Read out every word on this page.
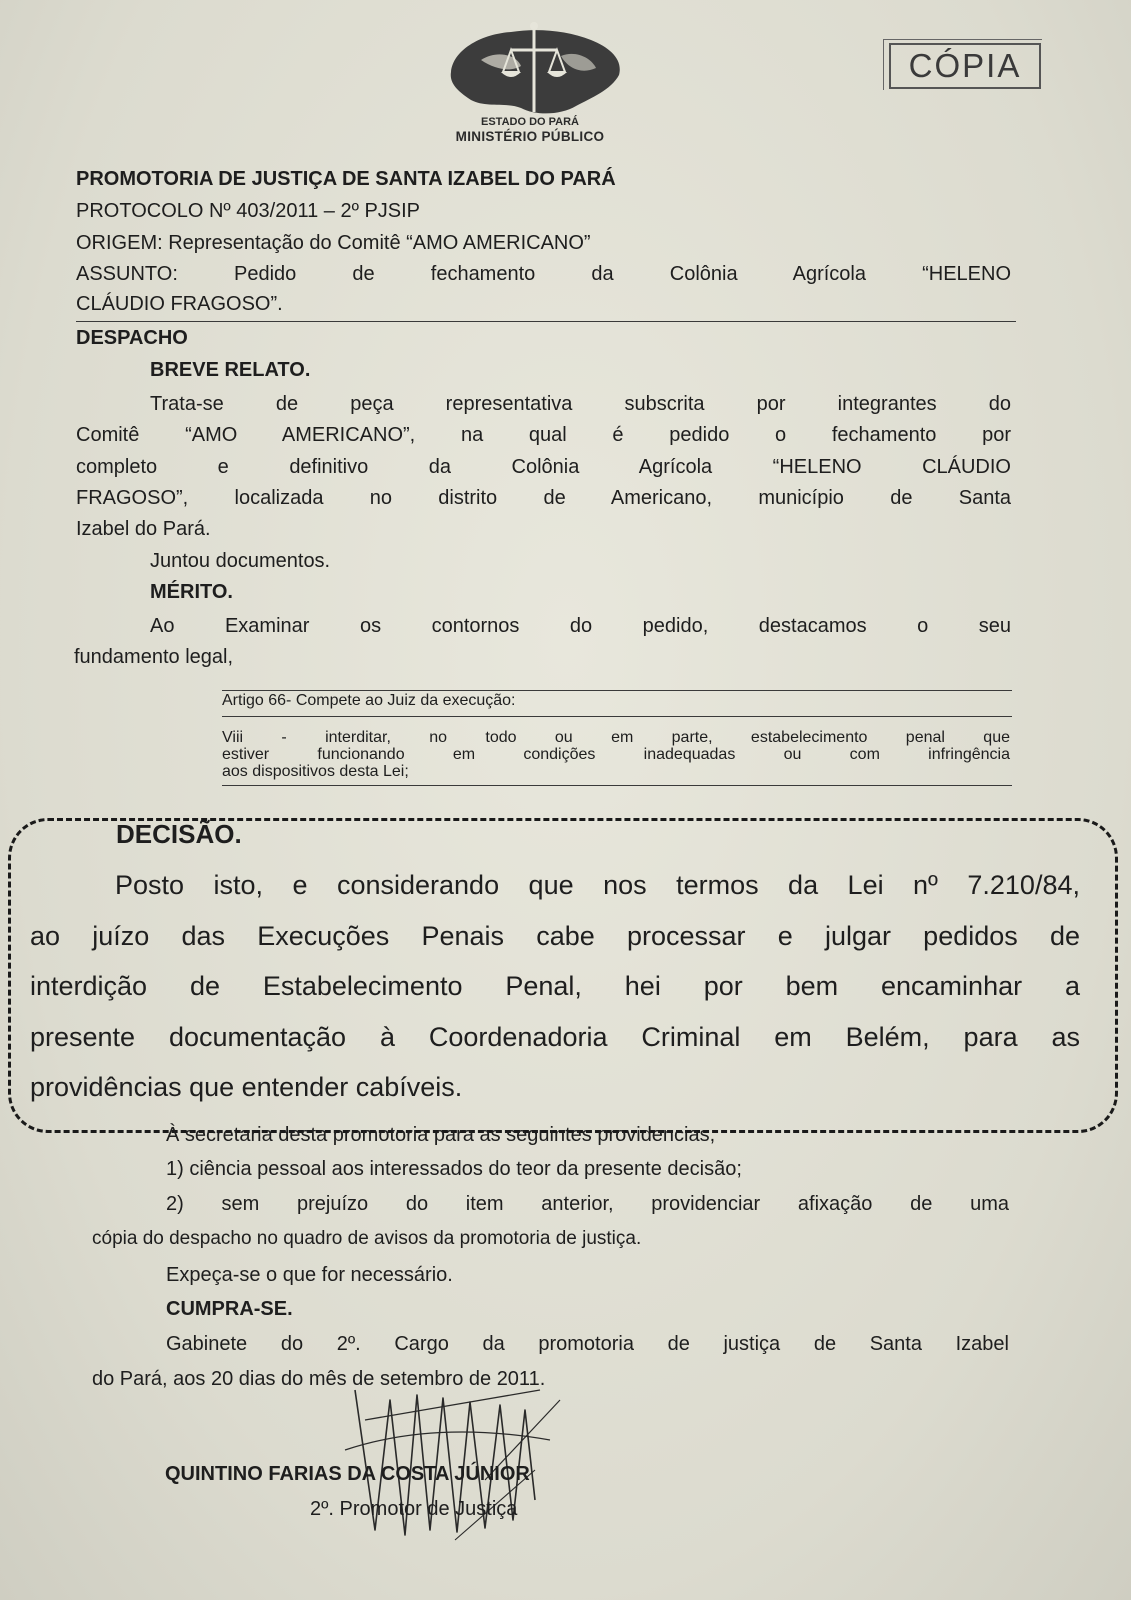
ESTADO DO PARÁ
MINISTÉRIO PÚBLICO
CÓPIA
PROMOTORIA DE JUSTIÇA DE SANTA IZABEL DO PARÁ
PROTOCOLO Nº 403/2011 – 2º PJSIP
ORIGEM: Representação do Comitê “AMO AMERICANO”
ASSUNTO: Pedido de fechamento da Colônia Agrícola “HELENO
CLÁUDIO FRAGOSO”.
DESPACHO
BREVE RELATO.
Trata-se de peça representativa subscrita por integrantes do
Comitê “AMO AMERICANO”, na qual é pedido o fechamento por
completo e definitivo da Colônia Agrícola “HELENO CLÁUDIO
FRAGOSO”, localizada no distrito de Americano, município de Santa
Izabel do Pará.
Juntou documentos.
MÉRITO.
Ao Examinar os contornos do pedido, destacamos o seu
fundamento legal,
Artigo 66- Compete ao Juiz da execução:
Viii - interditar, no todo ou em parte, estabelecimento penal que
estiver funcionando em condições inadequadas ou com infringência
aos dispositivos desta Lei;
DECISÃO.
Posto isto, e considerando que nos termos da Lei nº 7.210/84,
ao juízo das Execuções Penais cabe processar e julgar pedidos de
interdição de Estabelecimento Penal, hei por bem encaminhar a
presente documentação à Coordenadoria Criminal em Belém, para as
providências que entender cabíveis.
À secretaria desta promotoria para as seguintes providencias,
1) ciência pessoal aos interessados do teor da presente decisão;
2) sem prejuízo do item anterior, providenciar afixação de uma
cópia do despacho no quadro de avisos da promotoria de justiça.
Expeça-se o que for necessário.
CUMPRA-SE.
Gabinete do 2º. Cargo da promotoria de justiça de Santa Izabel
do Pará, aos 20 dias do mês de setembro de 2011.
QUINTINO FARIAS DA COSTA JÚNIOR
2º. Promotor de Justiça
